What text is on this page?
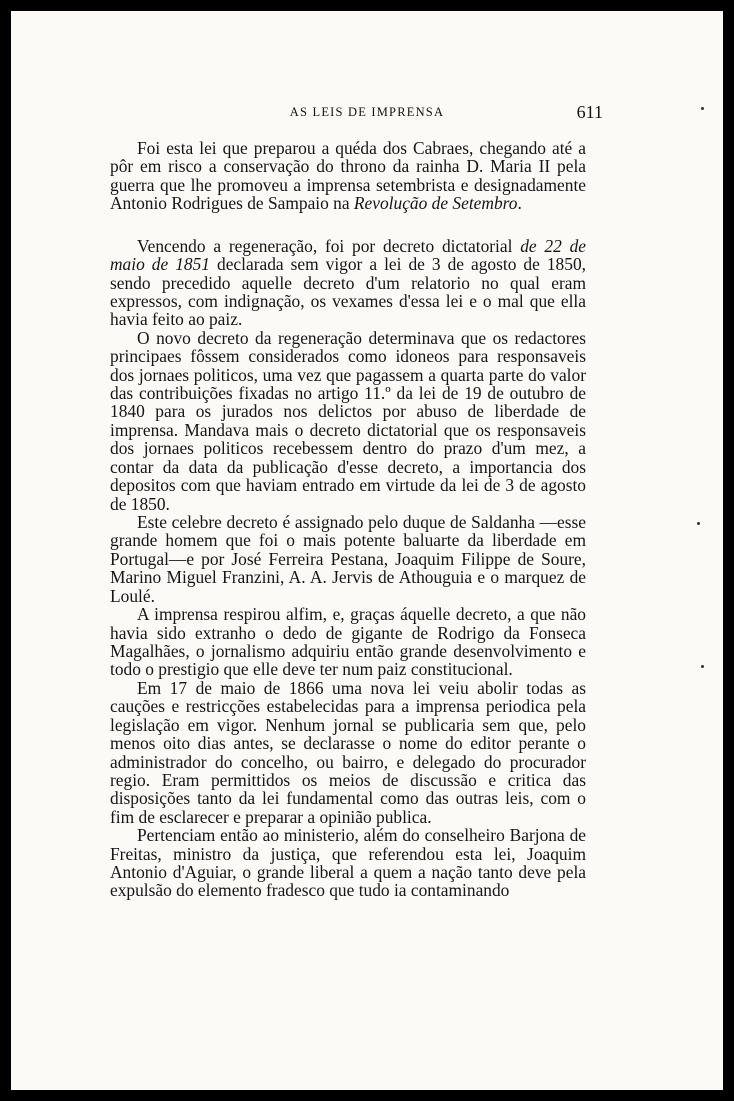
AS LEIS DE IMPRENSA	611

Foi esta lei que preparou a quéda dos Cabraes, chegando até a pôr em risco a conservação do throno da rainha D. Maria II pela guerra que lhe promoveu a imprensa setembrista e designadamente Antonio Rodrigues de Sampaio na Revolução de Setembro.

Vencendo a regeneração, foi por decreto dictatorial de 22 de maio de 1851 declarada sem vigor a lei de 3 de agosto de 1850, sendo precedido aquelle decreto d'um relatorio no qual eram expressos, com indignação, os vexames d'essa lei e o mal que ella havia feito ao paiz.

O novo decreto da regeneração determinava que os redactores principaes fôssem considerados como idoneos para responsaveis dos jornaes politicos, uma vez que pagassem a quarta parte do valor das contribuições fixadas no artigo 11.º da lei de 19 de outubro de 1840 para os jurados nos delictos por abuso de liberdade de imprensa. Mandava mais o decreto dictatorial que os responsaveis dos jornaes politicos recebessem dentro do prazo d'um mez, a contar da data da publicação d'esse decreto, a importancia dos depositos com que haviam entrado em virtude da lei de 3 de agosto de 1850.

Este celebre decreto é assignado pelo duque de Saldanha —esse grande homem que foi o mais potente baluarte da liberdade em Portugal—e por José Ferreira Pestana, Joaquim Filippe de Soure, Marino Miguel Franzini, A. A. Jervis de Athouguia e o marquez de Loulé.

A imprensa respirou alfim, e, graças áquelle decreto, a que não havia sido extranho o dedo de gigante de Rodrigo da Fonseca Magalhães, o jornalismo adquiriu então grande desenvolvimento e todo o prestigio que elle deve ter num paiz constitucional.

Em 17 de maio de 1866 uma nova lei veiu abolir todas as cauções e restricções estabelecidas para a imprensa periodica pela legislação em vigor. Nenhum jornal se publicaria sem que, pelo menos oito dias antes, se declarasse o nome do editor perante o administrador do concelho, ou bairro, e delegado do procurador regio. Eram permittidos os meios de discussão e critica das disposições tanto da lei fundamental como das outras leis, com o fim de esclarecer e preparar a opinião publica.

Pertenciam então ao ministerio, além do conselheiro Barjona de Freitas, ministro da justiça, que referendou esta lei, Joaquim Antonio d'Aguiar, o grande liberal a quem a nação tanto deve pela expulsão do elemento fradesco que tudo ia contaminando
